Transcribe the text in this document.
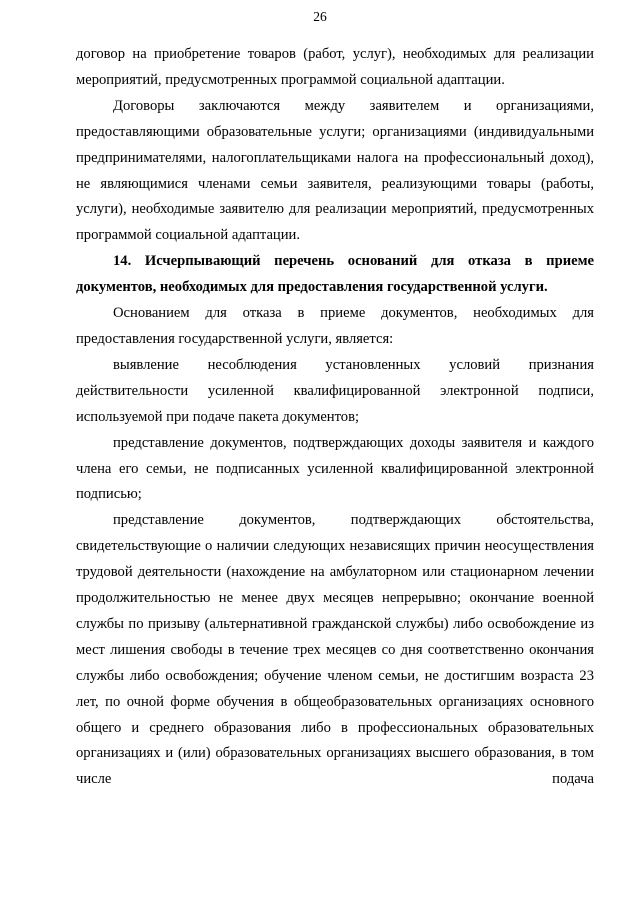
26

договор на приобретение товаров (работ, услуг), необходимых для реализации мероприятий, предусмотренных программой социальной адаптации.

Договоры заключаются между заявителем и организациями, предоставляющими образовательные услуги; организациями (индивидуальными предпринимателями, налогоплательщиками налога на профессиональный доход), не являющимися членами семьи заявителя, реализующими товары (работы, услуги), необходимые заявителю для реализации мероприятий, предусмотренных программой социальной адаптации.

14. Исчерпывающий перечень оснований для отказа в приеме документов, необходимых для предоставления государственной услуги.

Основанием для отказа в приеме документов, необходимых для предоставления государственной услуги, является:

выявление несоблюдения установленных условий признания действительности усиленной квалифицированной электронной подписи, используемой при подаче пакета документов;

представление документов, подтверждающих доходы заявителя и каждого члена его семьи, не подписанных усиленной квалифицированной электронной подписью;

представление документов, подтверждающих обстоятельства, свидетельствующие о наличии следующих независящих причин неосуществления трудовой деятельности (нахождение на амбулаторном или стационарном лечении продолжительностью не менее двух месяцев непрерывно; окончание военной службы по призыву (альтернативной гражданской службы) либо освобождение из мест лишения свободы в течение трех месяцев со дня соответственно окончания службы либо освобождения; обучение членом семьи, не достигшим возраста 23 лет, по очной форме обучения в общеобразовательных организациях основного общего и среднего образования либо в профессиональных образовательных организациях и (или) образовательных организациях высшего образования, в том числе подача
